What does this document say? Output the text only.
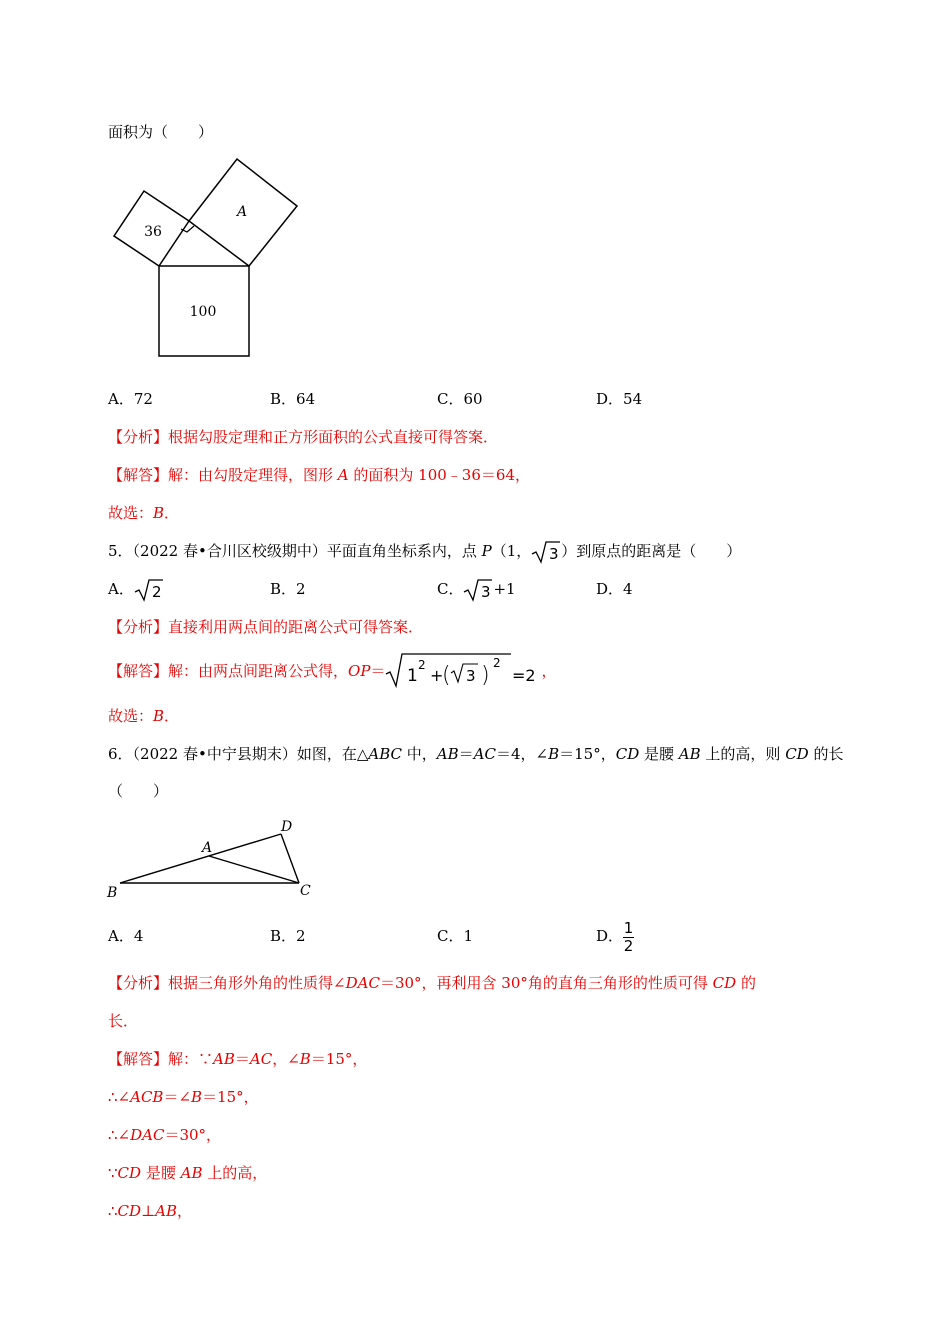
面积为（　　）
36
A
100
A．72	B．64	C．60	D．54
【分析】根据勾股定理和正方形面积的公式直接可得答案．
【解答】解：由勾股定理得，图形 A 的面积为 100﹣36＝64，
故选：B．
5．（2022 春•合川区校级期中）平面直角坐标系内，点 P（1， 3 ）到原点的距离是（　　）
A． 2	B．2	C． 3 +1	D．4
【分析】直接利用两点间的距离公式可得答案．
【解答】解：由两点间距离公式得，OP＝ 1
2
+
( 3 ) 2
=2 ，
故选：B．
6．（2022 春•中宁县期末）如图，在△ABC 中，AB＝AC＝4，∠B＝15°，CD 是腰 AB 上的高，则 CD 的长
（　　）
A
B	C
D
A．4	B．2	C．1	D． $\frac{1}{2}$
【分析】根据三角形外角的性质得∠DAC＝30°，再利用含 30°角的直角三角形的性质可得 CD 的
长．
【解答】解：∵AB＝AC，∠B＝15°，
∴∠ACB＝∠B＝15°，
∴∠DAC＝30°，
∵CD 是腰 AB 上的高，
∴CD⊥AB，
